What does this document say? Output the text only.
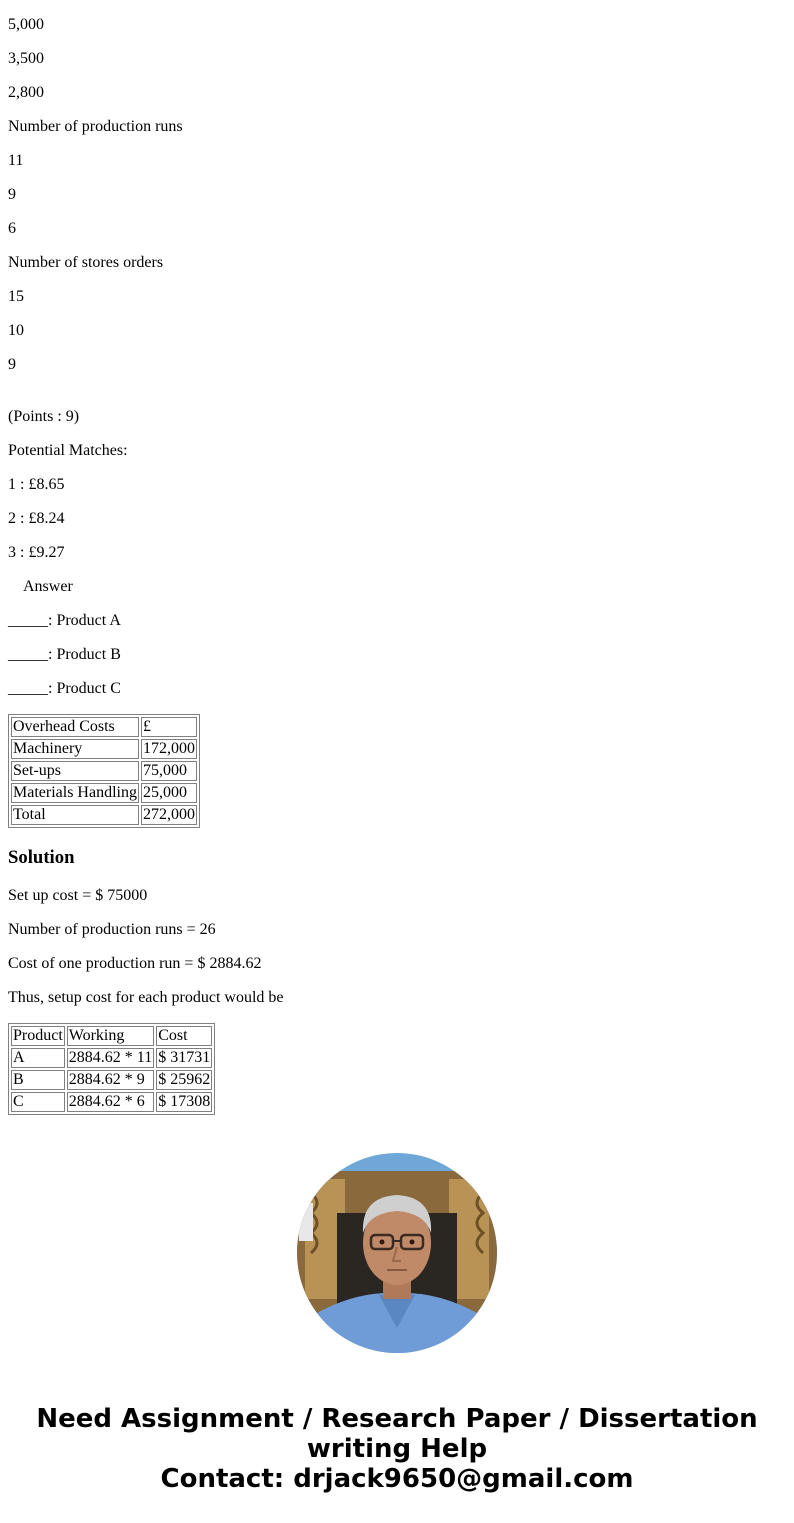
5,000

3,500

2,800

Number of production runs

11

9

6

Number of stores orders

15

10

9

(Points : 9)

Potential Matches:

1 : £8.65

2 : £8.24

3 : £9.27

Answer

_____: Product A

_____: Product B

_____: Product C

Overhead Costs	£
Machinery	172,000
Set-ups	75,000
Materials Handling	25,000
Total	272,000
Solution

Set up cost = $ 75000

Number of production runs = 26

Cost of one production run = $ 2884.62

Thus, setup cost for each product would be

Product	Working	Cost
A	2884.62 * 11	$ 31731
B	2884.62 * 9	$ 25962
C	2884.62 * 6	$ 17308
Need Assignment / Research Paper / Dissertation
writing Help
Contact: drjack9650@gmail.com
